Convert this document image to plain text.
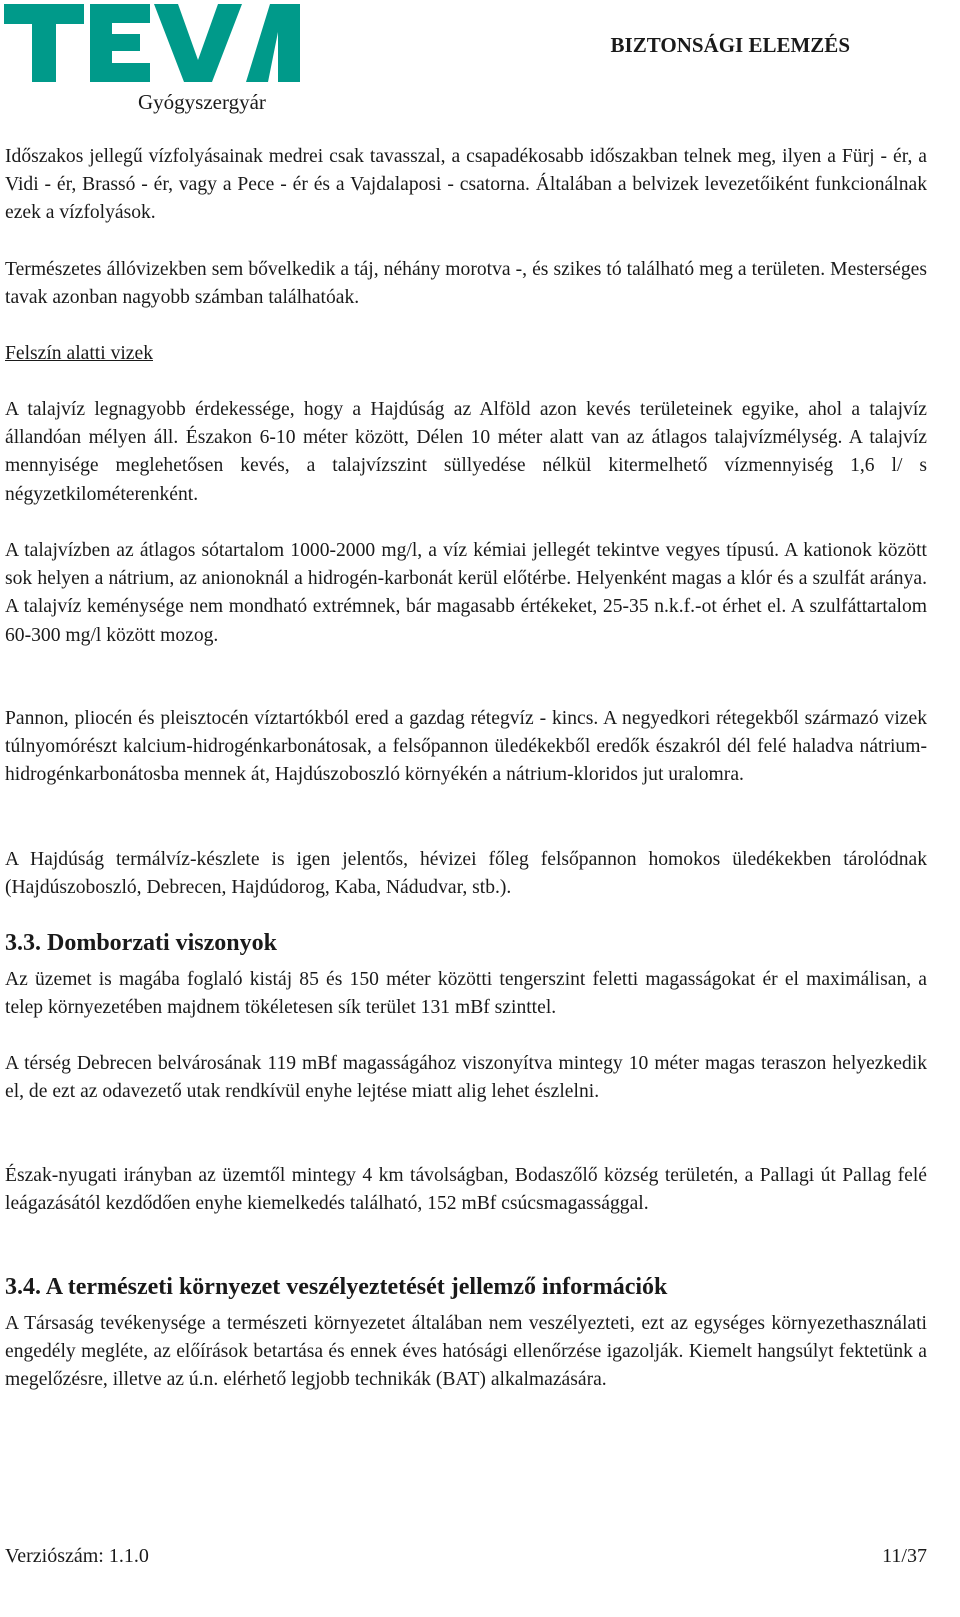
Gyógyszergyár
BIZTONSÁGI ELEMZÉS

Időszakos jellegű vízfolyásainak medrei csak tavasszal, a csapadékosabb időszakban telnek meg, ilyen a Fürj - ér, a Vidi - ér, Brassó - ér, vagy a Pece - ér és a Vajdalaposi - csatorna. Általában a belvizek levezetőiként funkcionálnak ezek a vízfolyások.

Természetes állóvizekben sem bővelkedik a táj, néhány morotva -, és szikes tó található meg a területen. Mesterséges tavak azonban nagyobb számban találhatóak.

Felszín alatti vizek

A talajvíz legnagyobb érdekessége, hogy a Hajdúság az Alföld azon kevés területeinek egyike, ahol a talajvíz állandóan mélyen áll. Északon 6-10 méter között, Délen 10 méter alatt van az átlagos talajvízmélység. A talajvíz mennyisége meglehetősen kevés, a talajvízszint süllyedése nélkül kitermelhető vízmennyiség 1,6 l/ s négyzetkilométerenként.

A talajvízben az átlagos sótartalom 1000-2000 mg/l, a víz kémiai jellegét tekintve vegyes típusú. A kationok között sok helyen a nátrium, az anionoknál a hidrogén-karbonát kerül előtérbe. Helyenként magas a klór és a szulfát aránya. A talajvíz keménysége nem mondható extrémnek, bár magasabb értékeket, 25-35 n.k.f.-ot érhet el. A szulfáttartalom 60-300 mg/l között mozog.

Pannon, pliocén és pleisztocén víztartókból ered a gazdag rétegvíz - kincs. A negyedkori rétegekből származó vizek túlnyomórészt kalcium-hidrogénkarbonátosak, a felsőpannon üledékekből eredők északról dél felé haladva nátrium-hidrogénkarbonátosba mennek át, Hajdúszoboszló környékén a nátrium-kloridos jut uralomra.

A Hajdúság termálvíz-készlete is igen jelentős, hévizei főleg felsőpannon homokos üledékekben tárolódnak (Hajdúszoboszló, Debrecen, Hajdúdorog, Kaba, Nádudvar, stb.).

3.3. Domborzati viszonyok

Az üzemet is magába foglaló kistáj 85 és 150 méter közötti tengerszint feletti magasságokat ér el maximálisan, a telep környezetében majdnem tökéletesen sík terület 131 mBf szinttel.

A térség Debrecen belvárosának 119 mBf magasságához viszonyítva mintegy 10 méter magas teraszon helyezkedik el, de ezt az odavezető utak rendkívül enyhe lejtése miatt alig lehet észlelni.

Észak-nyugati irányban az üzemtől mintegy 4 km távolságban, Bodaszőlő község területén, a Pallagi út Pallag felé leágazásától kezdődően enyhe kiemelkedés található, 152 mBf csúcsmagassággal.

3.4. A természeti környezet veszélyeztetését jellemző információk

A Társaság tevékenysége a természeti környezetet általában nem veszélyezteti, ezt az egységes környezethasználati engedély megléte, az előírások betartása és ennek éves hatósági ellenőrzése igazolják. Kiemelt hangsúlyt fektetünk a megelőzésre, illetve az ú.n. elérhető legjobb technikák (BAT) alkalmazására.

Verziószám: 1.1.0	11/37
